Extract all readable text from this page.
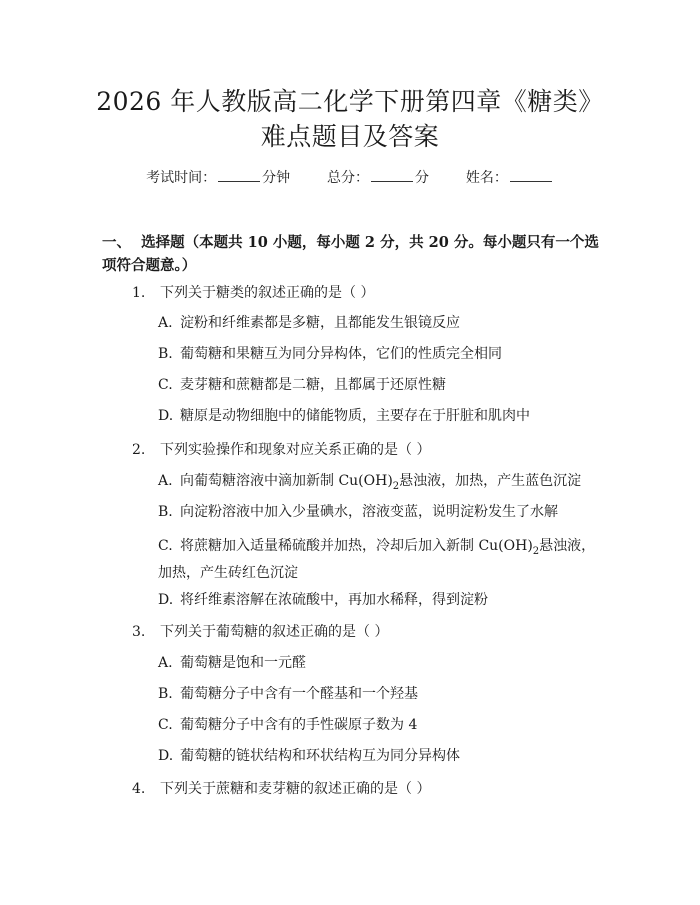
2026 年人教版高二化学下册第四章《糖类》
难点题目及答案
考试时间：	分钟	总分：	分	姓名：
一、 选择题（本题共 10 小题，每小题 2 分，共 20 分。每小题只有一个选项符合题意。）
1. 下列关于糖类的叙述正确的是（ ）
A. 淀粉和纤维素都是多糖，且都能发生银镜反应
B. 葡萄糖和果糖互为同分异构体，它们的性质完全相同
C. 麦芽糖和蔗糖都是二糖，且都属于还原性糖
D. 糖原是动物细胞中的储能物质，主要存在于肝脏和肌肉中
2. 下列实验操作和现象对应关系正确的是（ ）
A. 向葡萄糖溶液中滴加新制 $Cu(OH)_2$悬浊液，加热，产生蓝色沉淀
B. 向淀粉溶液中加入少量碘水，溶液变蓝，说明淀粉发生了水解
C. 将蔗糖加入适量稀硫酸并加热，冷却后加入新制 $Cu(OH)_2$悬浊液，加热，产生砖红色沉淀
D. 将纤维素溶解在浓硫酸中，再加水稀释，得到淀粉
3. 下列关于葡萄糖的叙述正确的是（ ）
A. 葡萄糖是饱和一元醛
B. 葡萄糖分子中含有一个醛基和一个羟基
C. 葡萄糖分子中含有的手性碳原子数为 4
D. 葡萄糖的链状结构和环状结构互为同分异构体
4. 下列关于蔗糖和麦芽糖的叙述正确的是（ ）
